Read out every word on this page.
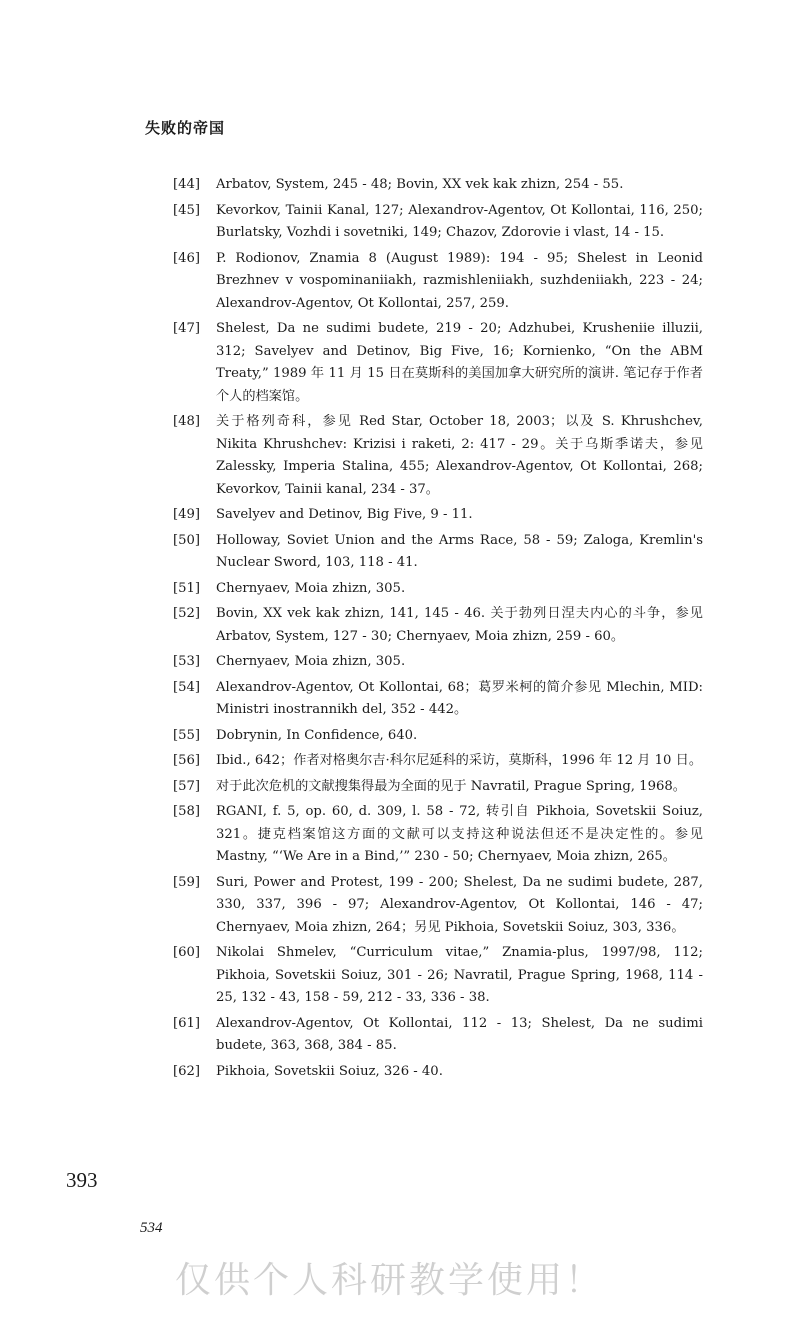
失败的帝国
[44]	Arbatov, System, 245 - 48; Bovin, XX vek kak zhizn, 254 - 55.
[45]	Kevorkov, Tainii Kanal, 127; Alexandrov-Agentov, Ot Kollontai, 116, 250; Burlatsky, Vozhdi i sovetniki, 149; Chazov, Zdorovie i vlast, 14 - 15.
[46]	P. Rodionov, Znamia 8 (August 1989): 194 - 95; Shelest in Leonid Brezhnev v vospominaniiakh, razmishleniiakh, suzhdeniiakh, 223 - 24; Alexandrov-Agentov, Ot Kollontai, 257, 259.
[47]	Shelest, Da ne sudimi budete, 219 - 20; Adzhubei, Krusheniie illuzii, 312; Savelyev and Detinov, Big Five, 16; Kornienko, “On the ABM Treaty,” 1989 年 11 月 15 日在莫斯科的美国加拿大研究所的演讲. 笔记存于作者个人的档案馆。
[48]	关于格列奇科，参见 Red Star, October 18, 2003；以及 S. Khrushchev, Nikita Khrushchev: Krizisi i raketi, 2: 417 - 29。关于乌斯季诺夫，参见 Zalessky, Imperia Stalina, 455; Alexandrov-Agentov, Ot Kollontai, 268; Kevorkov, Tainii kanal, 234 - 37。
[49]	Savelyev and Detinov, Big Five, 9 - 11.
[50]	Holloway, Soviet Union and the Arms Race, 58 - 59; Zaloga, Kremlin's Nuclear Sword, 103, 118 - 41.
[51]	Chernyaev, Moia zhizn, 305.
[52]	Bovin, XX vek kak zhizn, 141, 145 - 46. 关于勃列日涅夫内心的斗争，参见 Arbatov, System, 127 - 30; Chernyaev, Moia zhizn, 259 - 60。
[53]	Chernyaev, Moia zhizn, 305.
[54]	Alexandrov-Agentov, Ot Kollontai, 68；葛罗米柯的简介参见 Mlechin, MID: Ministri inostrannikh del, 352 - 442。
[55]	Dobrynin, In Confidence, 640.
[56]	Ibid., 642；作者对格奥尔吉·科尔尼延科的采访，莫斯科，1996 年 12 月 10 日。
[57]	对于此次危机的文献搜集得最为全面的见于 Navratil, Prague Spring, 1968。
[58]	RGANI, f. 5, op. 60, d. 309, l. 58 - 72, 转引自 Pikhoia, Sovetskii Soiuz, 321。捷克档案馆这方面的文献可以支持这种说法但还不是决定性的。参见 Mastny, “‘We Are in a Bind,’” 230 - 50; Chernyaev, Moia zhizn, 265。
[59]	Suri, Power and Protest, 199 - 200; Shelest, Da ne sudimi budete, 287, 330, 337, 396 - 97; Alexandrov-Agentov, Ot Kollontai, 146 - 47; Chernyaev, Moia zhizn, 264；另见 Pikhoia, Sovetskii Soiuz, 303, 336。
[60]	Nikolai Shmelev, “Curriculum vitae,” Znamia-plus, 1997/98, 112; Pikhoia, Sovetskii Soiuz, 301 - 26; Navratil, Prague Spring, 1968, 114 - 25, 132 - 43, 158 - 59, 212 - 33, 336 - 38.
[61]	Alexandrov-Agentov, Ot Kollontai, 112 - 13; Shelest, Da ne sudimi budete, 363, 368, 384 - 85.
[62]	Pikhoia, Sovetskii Soiuz, 326 - 40.
393
534
仅供个人科研教学使用！
